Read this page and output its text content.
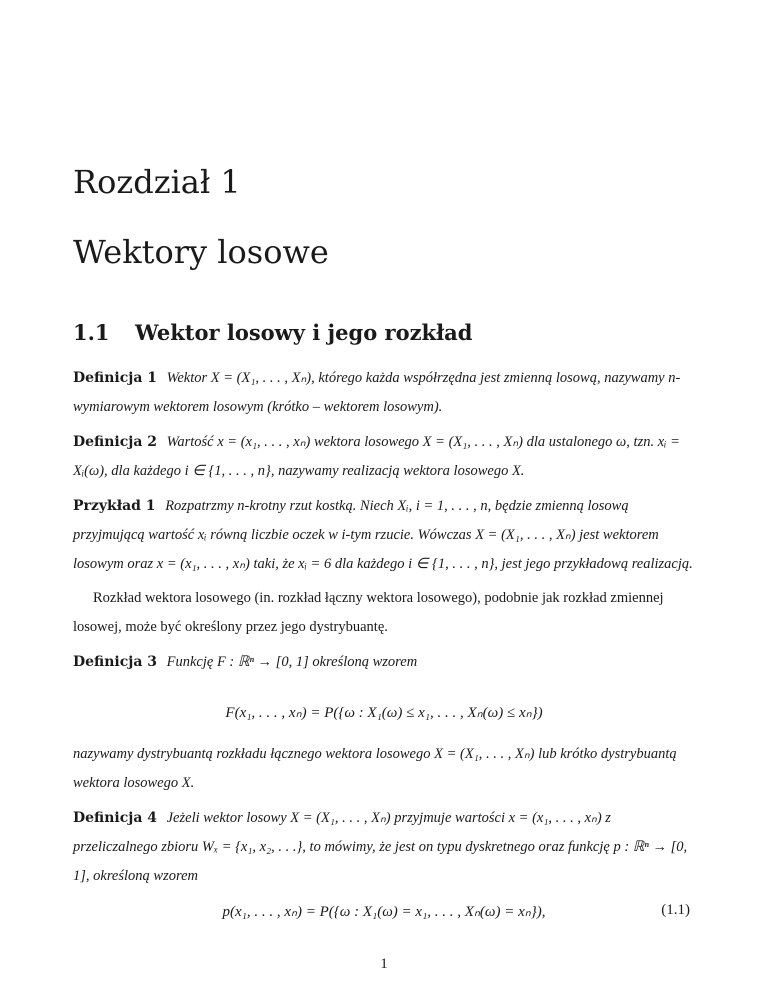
Rozdział 1
Wektory losowe
1.1 Wektor losowy i jego rozkład

Definicja 1 Wektor X = (X₁, . . . , Xₙ), którego każda współrzędna jest zmienną losową, nazywamy n-wymiarowym wektorem losowym (krótko – wektorem losowym).

Definicja 2 Wartość x = (x₁, . . . , xₙ) wektora losowego X = (X₁, . . . , Xₙ) dla ustalonego ω, tzn. xᵢ = Xᵢ(ω), dla każdego i ∈ {1, . . . , n}, nazywamy realizacją wektora losowego X.

Przykład 1 Rozpatrzmy n-krotny rzut kostką. Niech Xᵢ, i = 1, . . . , n, będzie zmienną losową przyjmującą wartość xᵢ równą liczbie oczek w i-tym rzucie. Wówczas X = (X₁, . . . , Xₙ) jest wektorem losowym oraz x = (x₁, . . . , xₙ) taki, że xᵢ = 6 dla każdego i ∈ {1, . . . , n}, jest jego przykładową realizacją.

Rozkład wektora losowego (in. rozkład łączny wektora losowego), podobnie jak rozkład zmiennej losowej, może być określony przez jego dystrybuantę.

Definicja 3 Funkcję F : ℝⁿ → [0, 1] określoną wzorem

F(x₁, . . . , xₙ) = P({ω : X₁(ω) ≤ x₁, . . . , Xₙ(ω) ≤ xₙ})

nazywamy dystrybuantą rozkładu łącznego wektora losowego X = (X₁, . . . , Xₙ) lub krótko dystrybuantą wektora losowego X.

Definicja 4 Jeżeli wektor losowy X = (X₁, . . . , Xₙ) przyjmuje wartości x = (x₁, . . . , xₙ) z przeliczalnego zbioru Wₓ = {x₁, x₂, . . .}, to mówimy, że jest on typu dyskretnego oraz funkcję p : ℝⁿ → [0, 1], określoną wzorem

p(x₁, . . . , xₙ) = P({ω : X₁(ω) = x₁, . . . , Xₙ(ω) = xₙ}),	(1.1)
1
